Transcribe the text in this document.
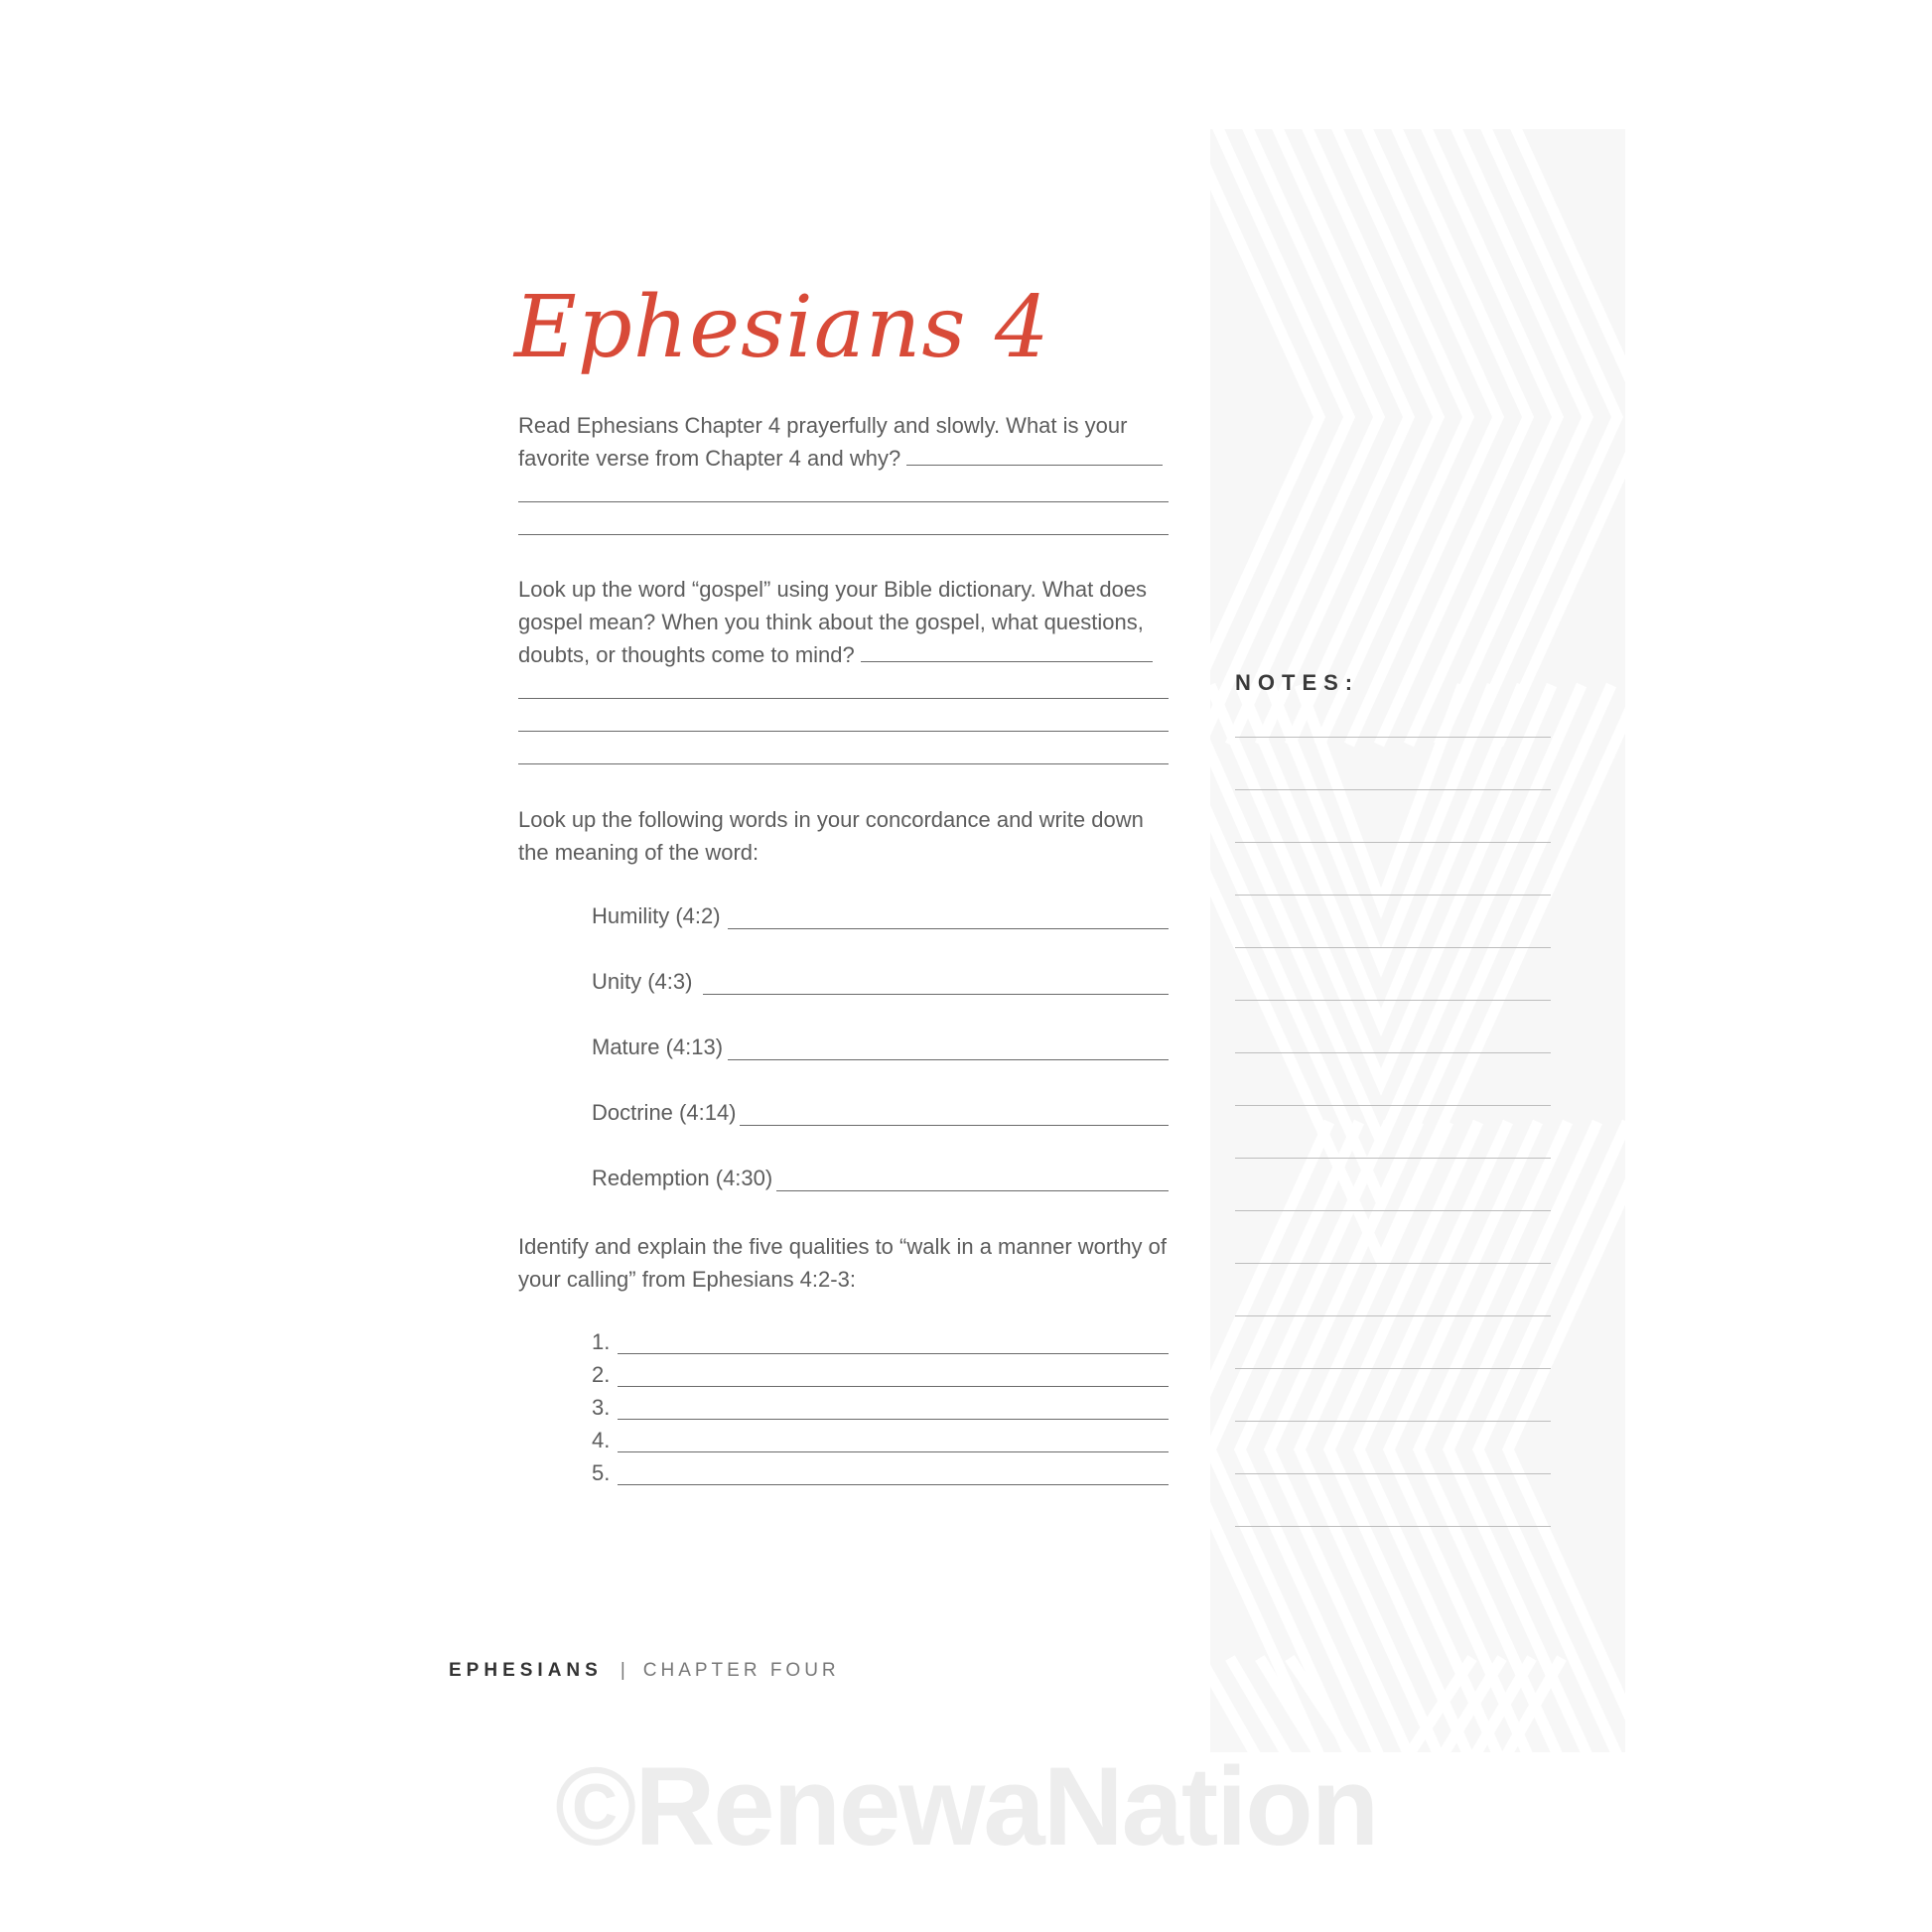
NOTES:
Ephesians 4
Read Ephesians Chapter 4 prayerfully and slowly. What is your
favorite verse from Chapter 4 and why?
Look up the word “gospel” using your Bible dictionary. What does
gospel mean? When you think about the gospel, what questions,
doubts, or thoughts come to mind?
Look up the following words in your concordance and write down
the meaning of the word:
Humility (4:2)
Unity (4:3)
Mature (4:13)
Doctrine (4:14)
Redemption (4:30)
Identify and explain the five qualities to “walk in a manner worthy of
your calling” from Ephesians 4:2-3:
1.
2.
3.
4.
5.
EPHESIANS | CHAPTER FOUR
©RenewaNation
